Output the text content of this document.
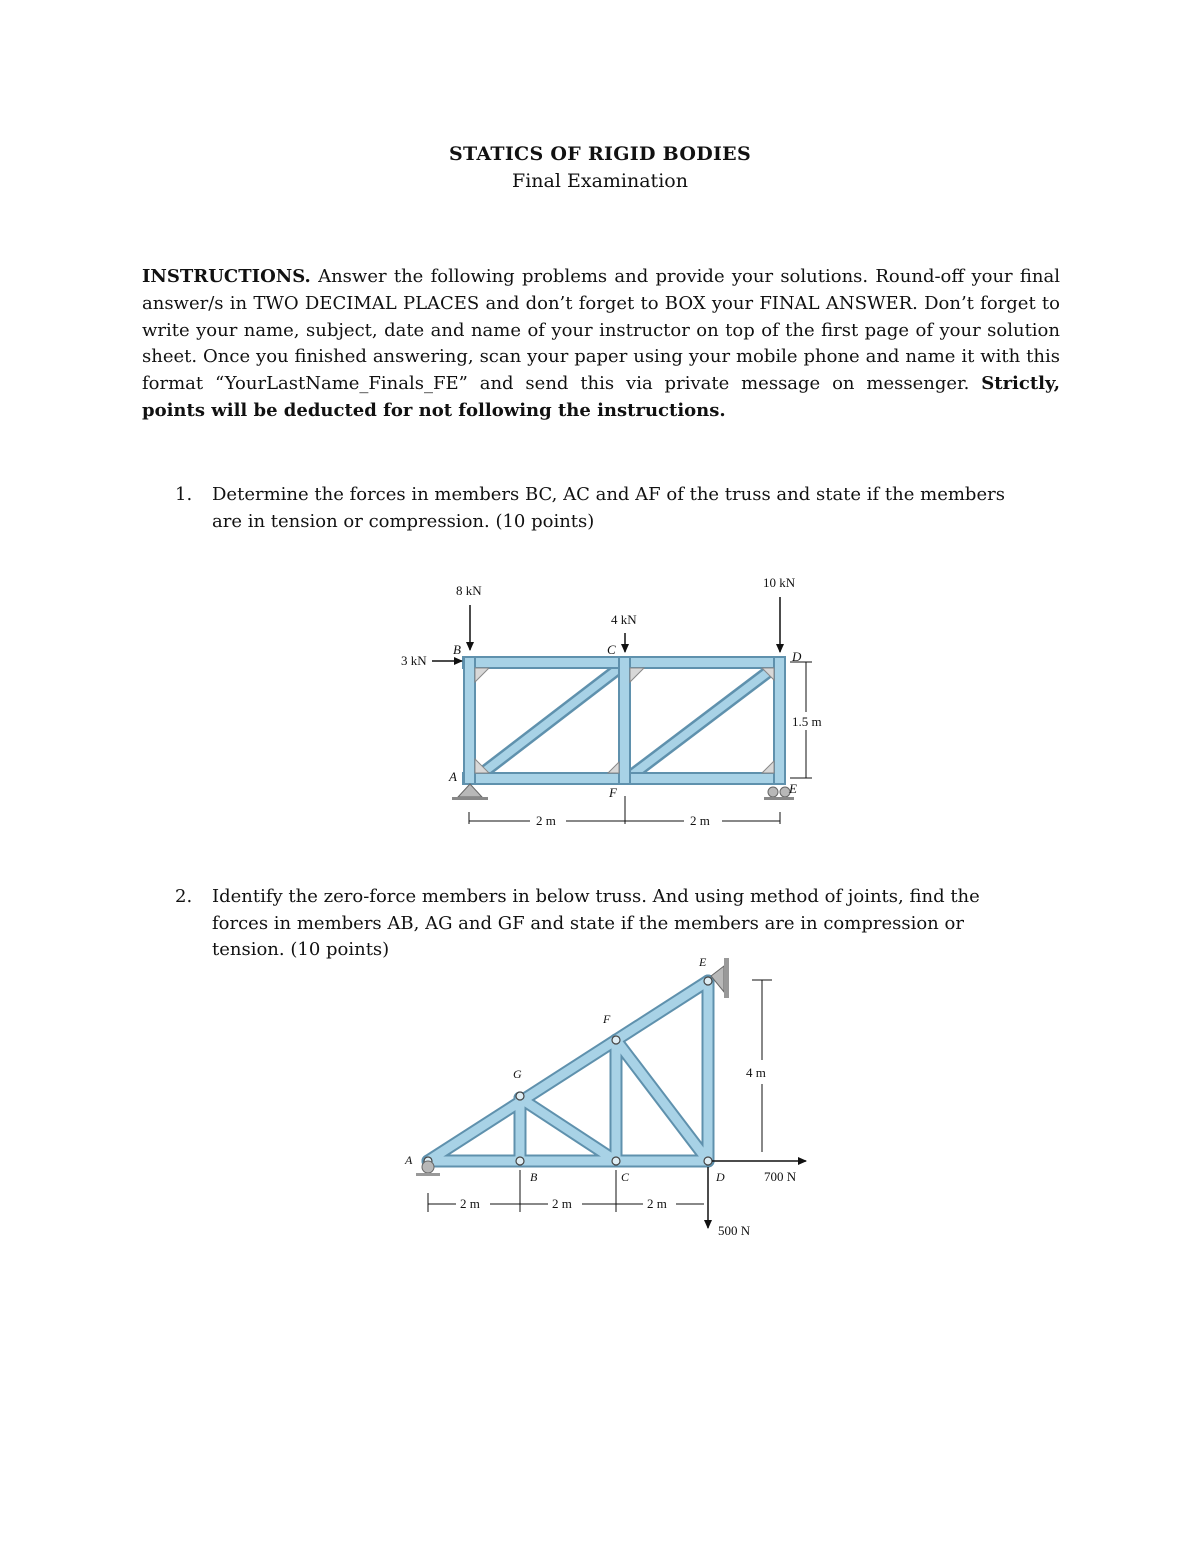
STATICS OF RIGID BODIES
Final Examination
INSTRUCTIONS. Answer the following problems and provide your solutions. Round-off your final answer/s in TWO DECIMAL PLACES and don’t forget to BOX your FINAL ANSWER. Don’t forget to write your name, subject, date and name of your instructor on top of the first page of your solution sheet. Once you finished answering, scan your paper using your mobile phone and name it with this format “YourLastName_Finals_FE” and send this via private message on messenger. Strictly, points will be deducted for not following the instructions.
1. Determine the forces in members BC, AC and AF of the truss and state if the members are in tension or compression. (10 points)
2. Identify the zero-force members in below truss. And using method of joints, find the forces in members AB, AG and GF and state if the members are in compression or tension. (10 points)
8 kN
4 kN
10 kN
3 kN
A
B	C	D
E
F
2 m	2 m
1.5 m
700 N
500 N
A
B	C	D
E
F
G
2 m	2 m	2 m
4 m
